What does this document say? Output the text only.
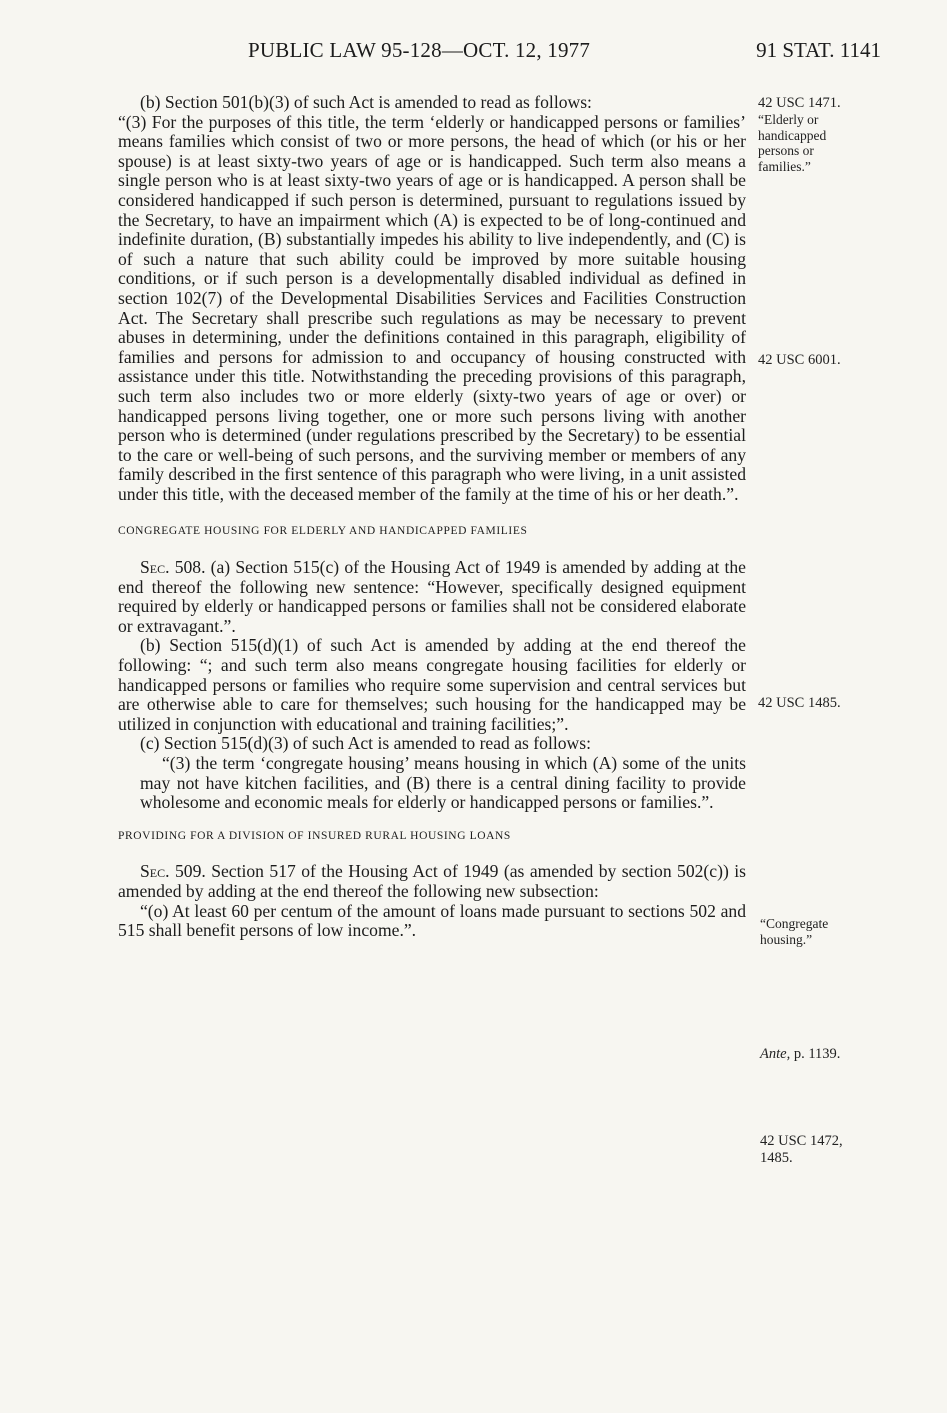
PUBLIC LAW 95-128—OCT. 12, 1977	91 STAT. 1141

(b) Section 501(b)(3) of such Act is amended to read as follows:

“(3) For the purposes of this title, the term ‘elderly or handicapped persons or families’ means families which consist of two or more persons, the head of which (or his or her spouse) is at least sixty-two years of age or is handicapped. Such term also means a single person who is at least sixty-two years of age or is handicapped. A person shall be considered handicapped if such person is determined, pursuant to regulations issued by the Secretary, to have an impairment which (A) is expected to be of long-continued and indefinite duration, (B) substantially impedes his ability to live independently, and (C) is of such a nature that such ability could be improved by more suitable housing conditions, or if such person is a developmentally disabled individual as defined in section 102(7) of the Developmental Disabilities Services and Facilities Construction Act. The Secretary shall prescribe such regulations as may be necessary to prevent abuses in determining, under the definitions contained in this paragraph, eligibility of families and persons for admission to and occupancy of housing constructed with assistance under this title. Notwithstanding the preceding provisions of this paragraph, such term also includes two or more elderly (sixty-two years of age or over) or handicapped persons living together, one or more such persons living with another person who is determined (under regulations prescribed by the Secretary) to be essential to the care or well-being of such persons, and the surviving member or members of any family described in the first sentence of this paragraph who were living, in a unit assisted under this title, with the deceased member of the family at the time of his or her death.”.

CONGREGATE HOUSING FOR ELDERLY AND HANDICAPPED FAMILIES

Sec. 508. (a) Section 515(c) of the Housing Act of 1949 is amended by adding at the end thereof the following new sentence: “However, specifically designed equipment required by elderly or handicapped persons or families shall not be considered elaborate or extravagant.”.

(b) Section 515(d)(1) of such Act is amended by adding at the end thereof the following: “; and such term also means congregate housing facilities for elderly or handicapped persons or families who require some supervision and central services but are otherwise able to care for themselves; such housing for the handicapped may be utilized in conjunction with educational and training facilities;”.

(c) Section 515(d)(3) of such Act is amended to read as follows:

“(3) the term ‘congregate housing’ means housing in which (A) some of the units may not have kitchen facilities, and (B) there is a central dining facility to provide wholesome and economic meals for elderly or handicapped persons or families.”.

PROVIDING FOR A DIVISION OF INSURED RURAL HOUSING LOANS

Sec. 509. Section 517 of the Housing Act of 1949 (as amended by section 502(c)) is amended by adding at the end thereof the following new subsection:

“(o) At least 60 per centum of the amount of loans made pursuant to sections 502 and 515 shall benefit persons of low income.”.

42 USC 1471.
“Elderly or handicapped persons or families.”
42 USC 6001.
42 USC 1485.
“Congregate housing.”
Ante, p. 1139.
42 USC 1472, 1485.
